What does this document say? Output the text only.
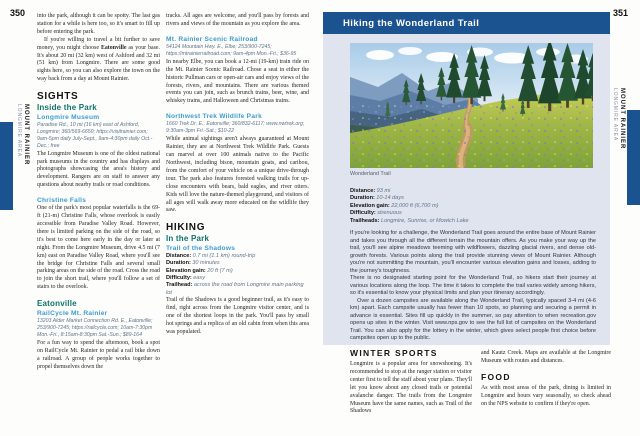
350	351
LONGMIRE AREA MOUNT RAINIER	LONGMIRE AREA MOUNT RAINIER

into the park, although it can be spotty. The last gas station for a while is here too, so it's smart to fill up before entering the park.

If you're willing to travel a bit further to save money, you might choose Eatonville as your base. It's about 20 mi (32 km) west of Ashford and 32 mi (51 km) from Longmire. There are some good sights here, so you can also explore the town on the way back from a day at Mount Rainier.

SIGHTS
Inside the Park
Longmire Museum

Paradise Rd., 10 mi (16 km) east of Ashford, Longmire; 360/569-6650; https://visitrainier.com; 9am-5pm daily July-Sept., 9am-4:30pm daily Oct.-Dec.; free

The Longmire Museum is one of the oldest national park museums in the country and has displays and photographs showcasing the area's history and development. Rangers are on staff to answer any questions about nearby trails or road conditions.

Christine Falls

One of the park's most popular waterfalls is the 69-ft (21-m) Christine Falls, whose overlook is easily accessible from Paradise Valley Road. However, there is limited parking on the side of the road, so it's best to come here early in the day or later at night. From the Longmire Museum, drive 4.5 mi (7 km) east on Paradise Valley Road, where you'll see the bridge for Christine Falls and several small parking areas on the side of the road. Cross the road to join the short trail, where you'll follow a set of stairs to the overlook.

Eatonville
RailCycle Mt. Rainier

13203 Alder Market Connection Rd. E., Eatonville; 253/900-7245; https://railcycle.com; 10am-7:30pm Mon.-Fri., 8:15am-8:30pm Sat.-Sun.; $89-164

For a fun way to spend the afternoon, book a spot on RailCycle Mt. Rainier to pedal a rail bike down a railroad. A group of people works together to propel themselves down the

tracks. All ages are welcome, and you'll pass by forests and rivers and views of the mountain as you explore the area.

Mt. Rainier Scenic Railroad

54124 Mountain Hwy. E., Elbe; 253/900-7245; https://mtrainierrailroad.com; 9am-4pm Mon.-Fri.; $36-95

In nearby Elbe, you can book a 12-mi (19-km) train ride on the Mt. Rainier Scenic Railroad. Chose a seat in either the historic Pullman cars or open-air cars and enjoy views of the forests, rivers, and mountains. There are various themed events you can join, such as brunch trains, beer, wine, and whiskey trains, and Halloween and Christmas trains.

Northwest Trek Wildlife Park

1660 Trek Dr. E., Eatonville; 360/832-6117; www.nwtrek.org; 9:30am-3pm Fri.-Sat.; $10-22

While animal sightings aren't always guaranteed at Mount Rainier, they are at Northwest Trek Wildlife Park. Guests can marvel at over 100 animals native to the Pacific Northwest, including bison, mountain goats, and caribou, from the comfort of your vehicle on a unique drive-through tour. The park also features forested walking trails for up-close encounters with bears, bald eagles, and river otters. Kids will love the nature-themed playground, and visitors of all ages will walk away more educated on the wildlife they saw.

HIKING
In the Park
Trail of the Shadows

Distance: 0.7 mi (1.1 km) round-trip

Duration: 30 minutes

Elevation gain: 20 ft (7 m)

Difficulty: easy

Trailhead: across the road from Longmire main parking lot

Trail of the Shadows is a good beginner trail, as it's easy to find, right across from the Longmire visitor center, and is one of the shortest loops in the park. You'll pass by small hot springs and a replica of an old cabin from when this area was populated.

Hiking the Wonderland Trail
Wonderland Trail

Distance: 93 mi

Duration: 10-14 days

Elevation gain: 22,000 ft (6,700 m)

Difficulty: strenuous

Trailheads: Longmire, Sunrise, or Mowich Lake

If you're looking for a challenge, the Wonderland Trail goes around the entire base of Mount Rainier and takes you through all the different terrain the mountain offers. As you make your way up the trail, you'll see alpine meadows teeming with wildflowers, dazzling glacial rivers, and dense old-growth forests. Various points along the trail provide stunning views of Mount Rainier. Although you're not summitting the mountain, you'll encounter various elevation gains and losses, adding to the journey's toughness.

There is no designated starting point for the Wonderland Trail, so hikers start their journey at various locations along the loop. The time it takes to complete the trail varies widely among hikers, so it's essential to know your physical limits and plan your itinerary accordingly.

Over a dozen campsites are available along the Wonderland Trail, typically spaced 3-4 mi (4-6 km) apart. Each campsite usually has fewer than 10 spots, so planning and securing a permit in advance is essential. Sites fill up quickly in the summer, so pay attention to when recreation.gov opens up sites in the winter. Visit www.nps.gov to see the full list of campsites on the Wonderland Trail. You can also apply for the lottery in the winter, which gives select people first choice before campsites open up to the public.

WINTER SPORTS

Longmire is a popular area for snowshoeing. It's recommended to stop at the ranger station or visitor center first to tell the staff about your plans. They'll let you know about any closed trails or potential avalanche danger. The trails from the Longmire Museum have the same names, such as Trail of the Shadows

and Kautz Creek. Maps are available at the Longmire Museum with routes and distances.

FOOD

As with most areas of the park, dining is limited in Longmire and hours vary seasonally, so check ahead on the NPS website to confirm if they're open.
